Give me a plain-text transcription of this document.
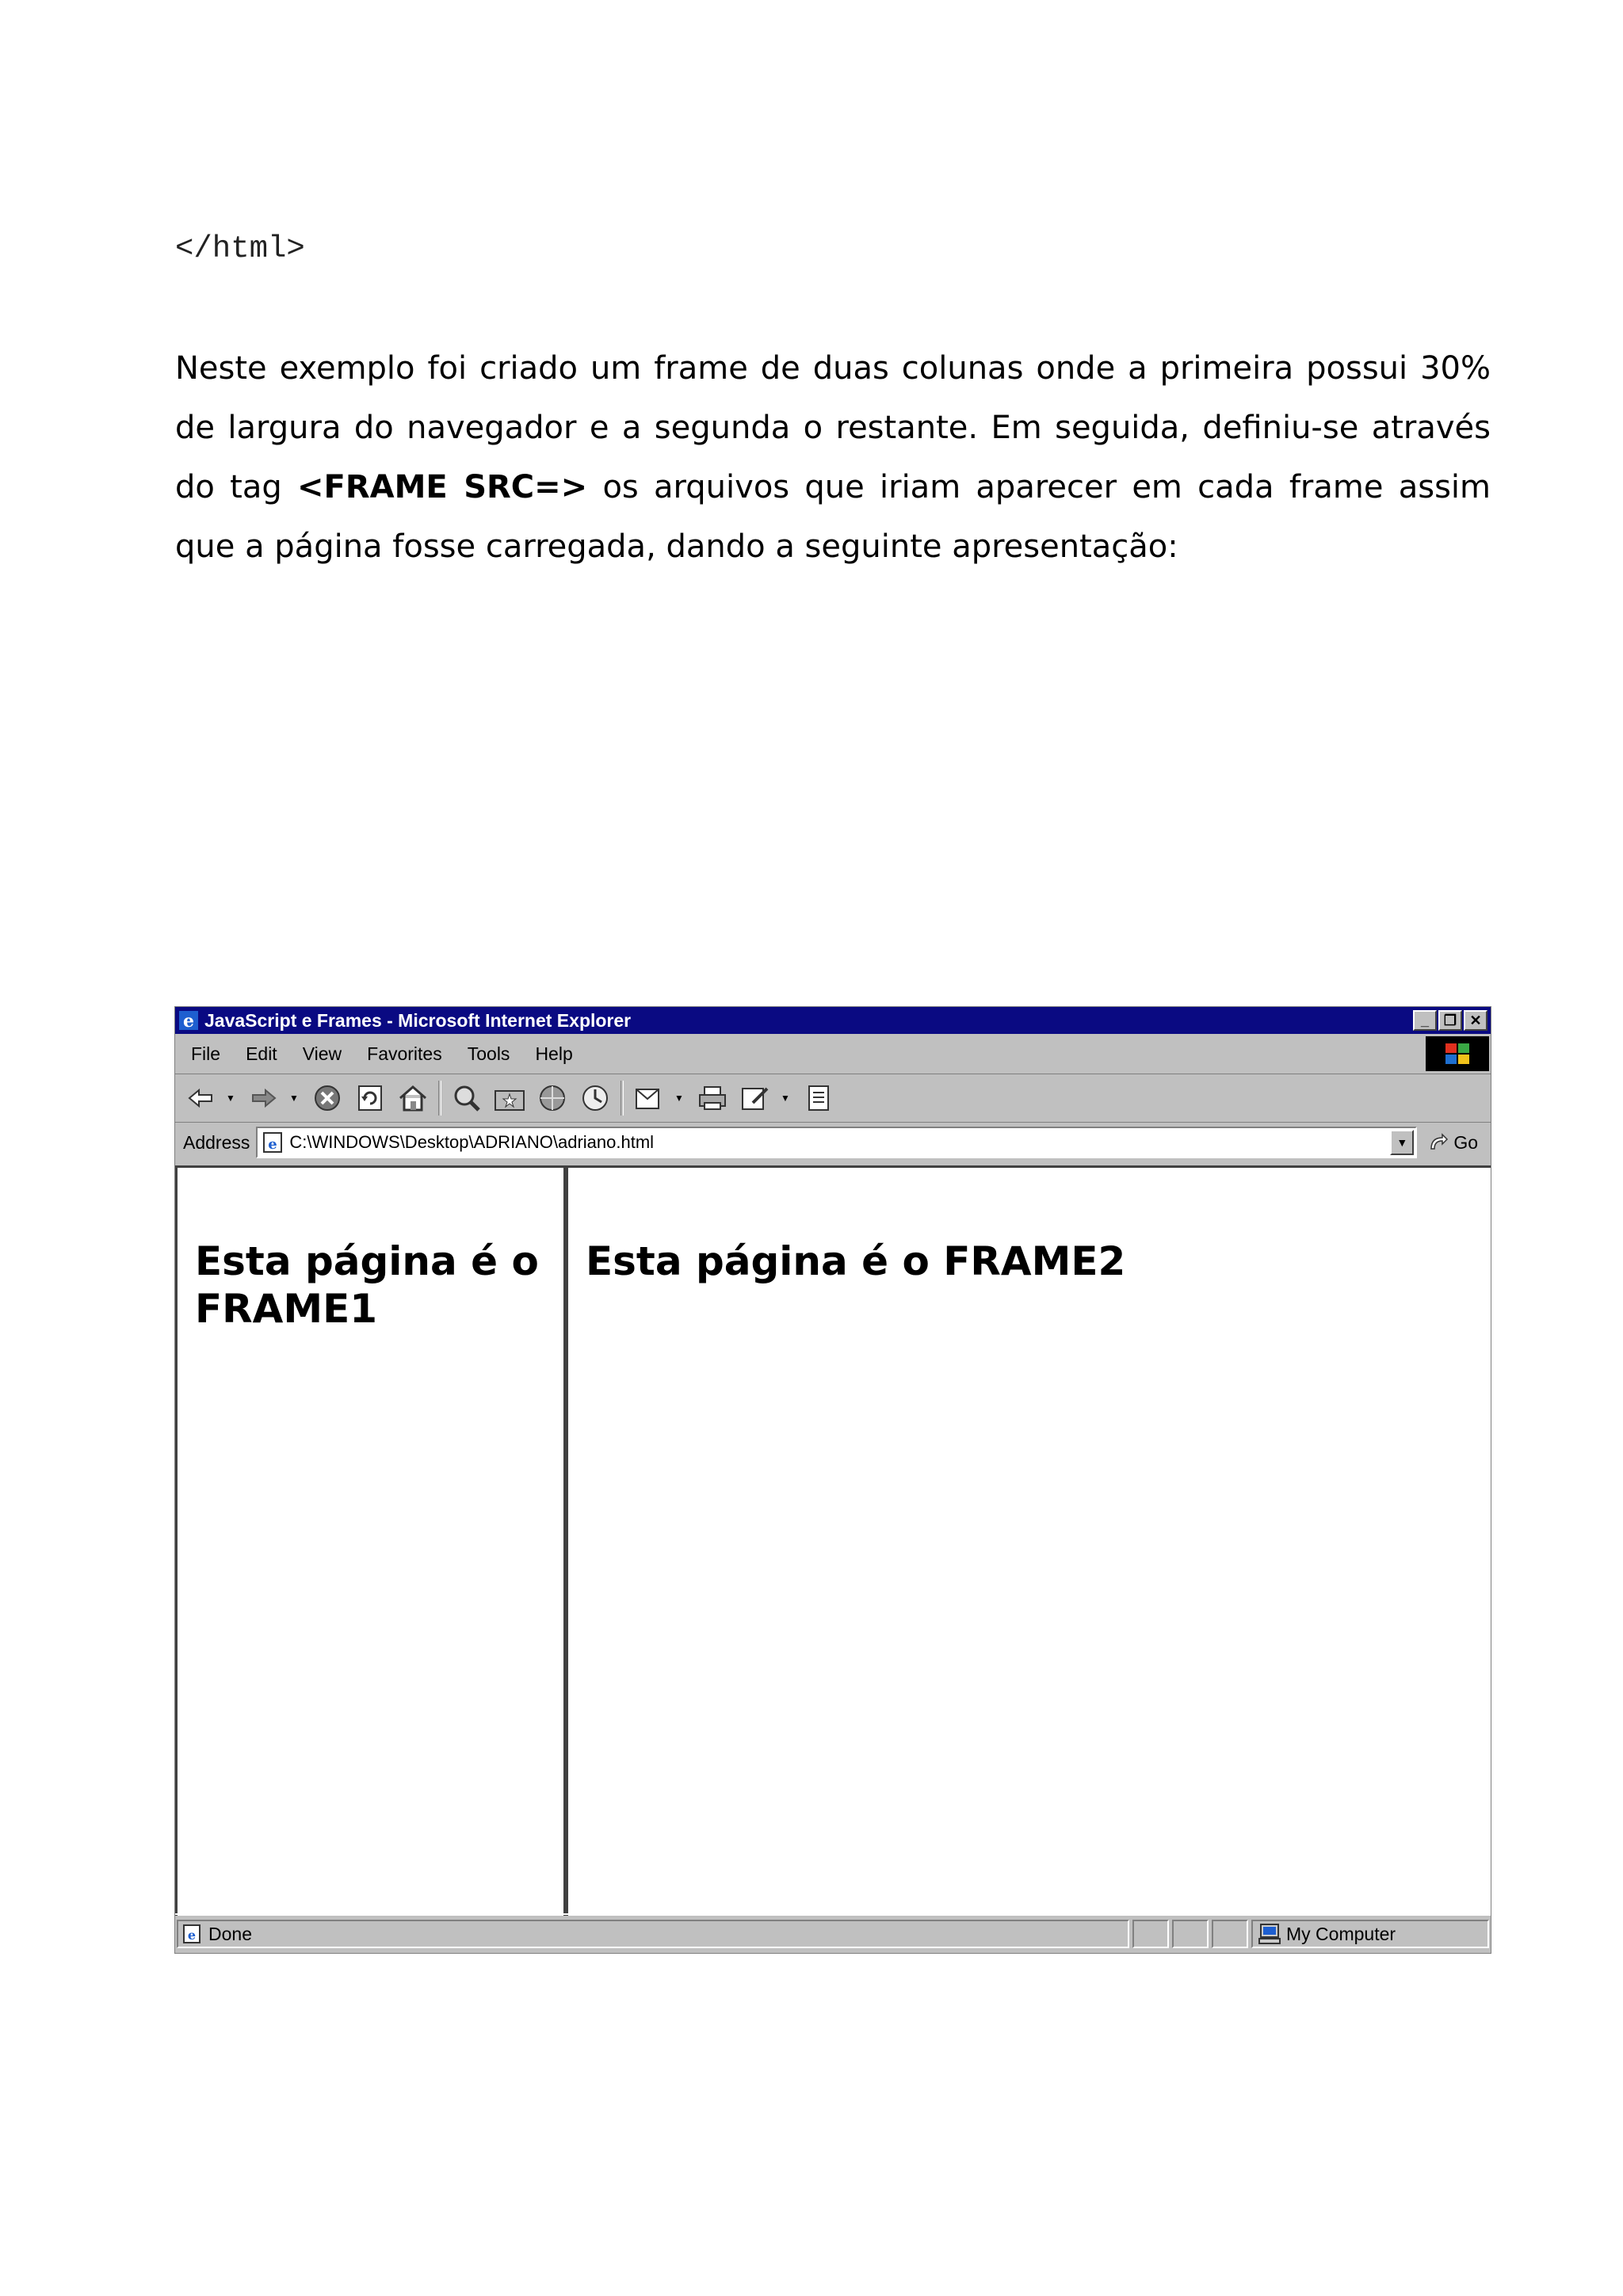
</html>

Neste exemplo foi criado um frame de duas colunas onde a primeira possui 30% de largura do navegador e a segunda o restante. Em seguida, definiu-se através do tag <FRAME SRC=> os arquivos que iriam aparecer em cada frame assim que a página fosse carregada, dando a seguinte apresentação:

e JavaScript e Frames - Microsoft Internet Explorer	_	❐ ✕
File Edit View Favorites Tools Help
▼	▼	▼	▼
Address e C:\WINDOWS\Desktop\ADRIANO\adriano.html	▼	Go
Esta página é o FRAME1
Esta página é o FRAME2
e Done	My Computer
